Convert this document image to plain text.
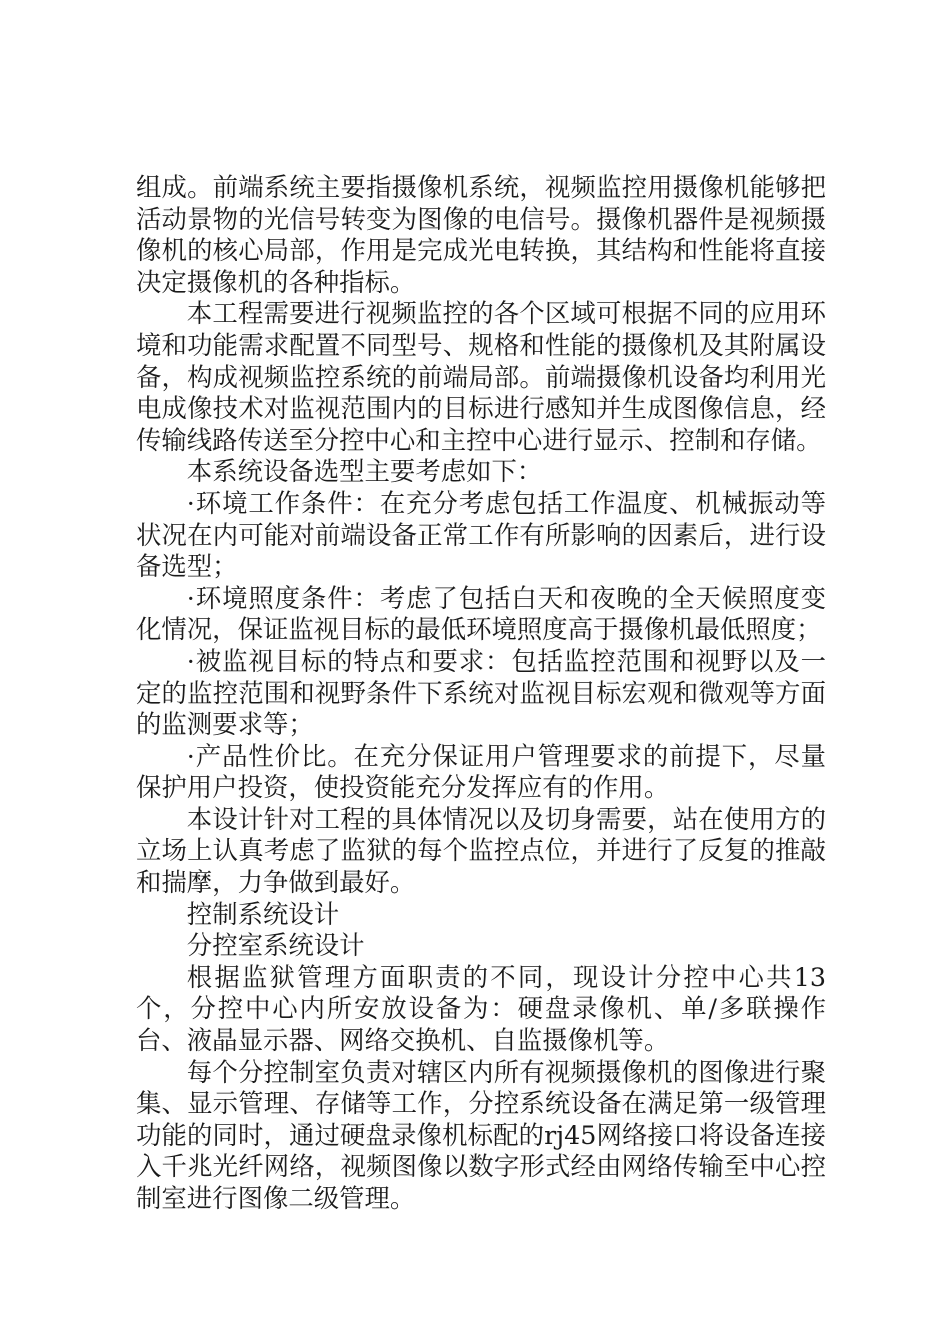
组成。前端系统主要指摄像机系统，视频监控用摄像机能够把活动景物的光信号转变为图像的电信号。摄像机器件是视频摄像机的核心局部，作用是完成光电转换，其结构和性能将直接决定摄像机的各种指标。

本工程需要进行视频监控的各个区域可根据不同的应用环境和功能需求配置不同型号、规格和性能的摄像机及其附属设备，构成视频监控系统的前端局部。前端摄像机设备均利用光电成像技术对监视范围内的目标进行感知并生成图像信息，经传输线路传送至分控中心和主控中心进行显示、控制和存储。

本系统设备选型主要考虑如下：

·环境工作条件：在充分考虑包括工作温度、机械振动等状况在内可能对前端设备正常工作有所影响的因素后，进行设备选型；

·环境照度条件：考虑了包括白天和夜晚的全天候照度变化情况，保证监视目标的最低环境照度高于摄像机最低照度；

·被监视目标的特点和要求：包括监控范围和视野以及一定的监控范围和视野条件下系统对监视目标宏观和微观等方面的监测要求等；

·产品性价比。在充分保证用户管理要求的前提下，尽量保护用户投资，使投资能充分发挥应有的作用。

本设计针对工程的具体情况以及切身需要，站在使用方的立场上认真考虑了监狱的每个监控点位，并进行了反复的推敲和揣摩，力争做到最好。

控制系统设计

分控室系统设计

根据监狱管理方面职责的不同，现设计分控中心共13个，分控中心内所安放设备为：硬盘录像机、单/多联操作台、液晶显示器、网络交换机、自监摄像机等。

每个分控制室负责对辖区内所有视频摄像机的图像进行聚集、显示管理、存储等工作，分控系统设备在满足第一级管理功能的同时，通过硬盘录像机标配的rj45网络接口将设备连接入千兆光纤网络，视频图像以数字形式经由网络传输至中心控制室进行图像二级管理。
